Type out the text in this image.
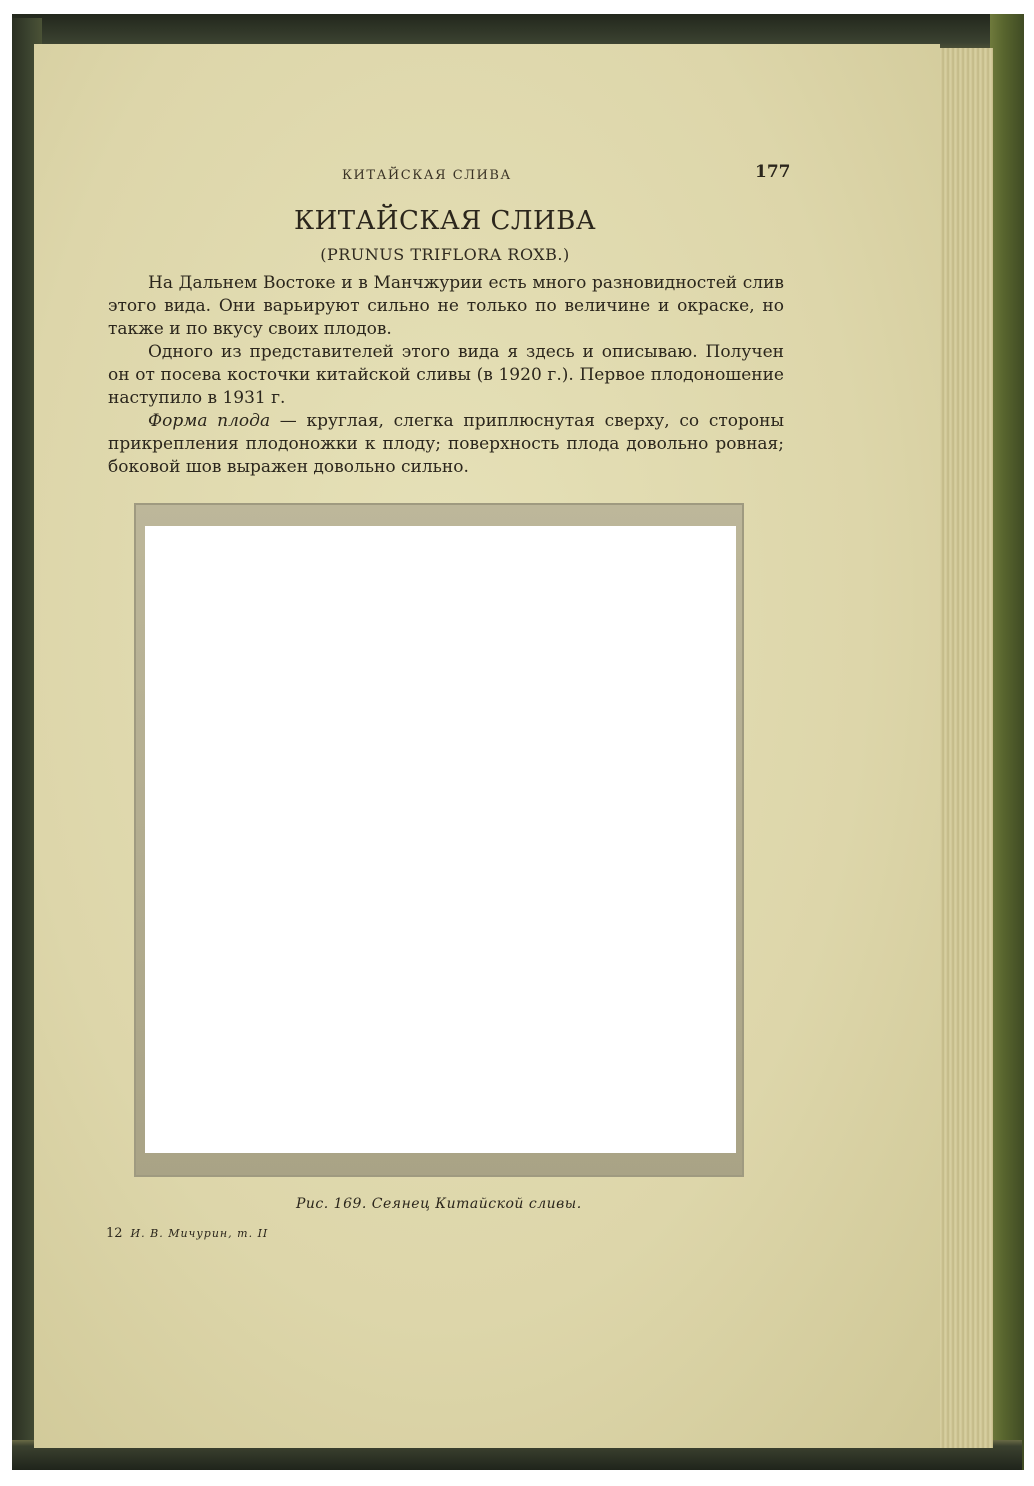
КИТАЙСКАЯ СЛИВА	177
КИТАЙСКАЯ СЛИВА
(PRUNUS TRIFLORA ROXB.)

На Дальнем Востоке и в Манчжурии есть много разновидностей слив этого вида. Они варьируют сильно не только по величине и окраске, но также и по вкусу своих плодов.

Одного из представителей этого вида я здесь и описываю. Получен он от посева косточки китайской сливы (в 1920 г.). Первое плодоношение наступило в 1931 г.

Форма плода — круглая, слегка приплюснутая сверху, со стороны прикрепления плодоножки к плоду; поверхность плода довольно ровная; боковой шов выражен довольно сильно.

Рис. 169. Сеянец Китайской сливы.
12 И. В. Мичурин, т. II
